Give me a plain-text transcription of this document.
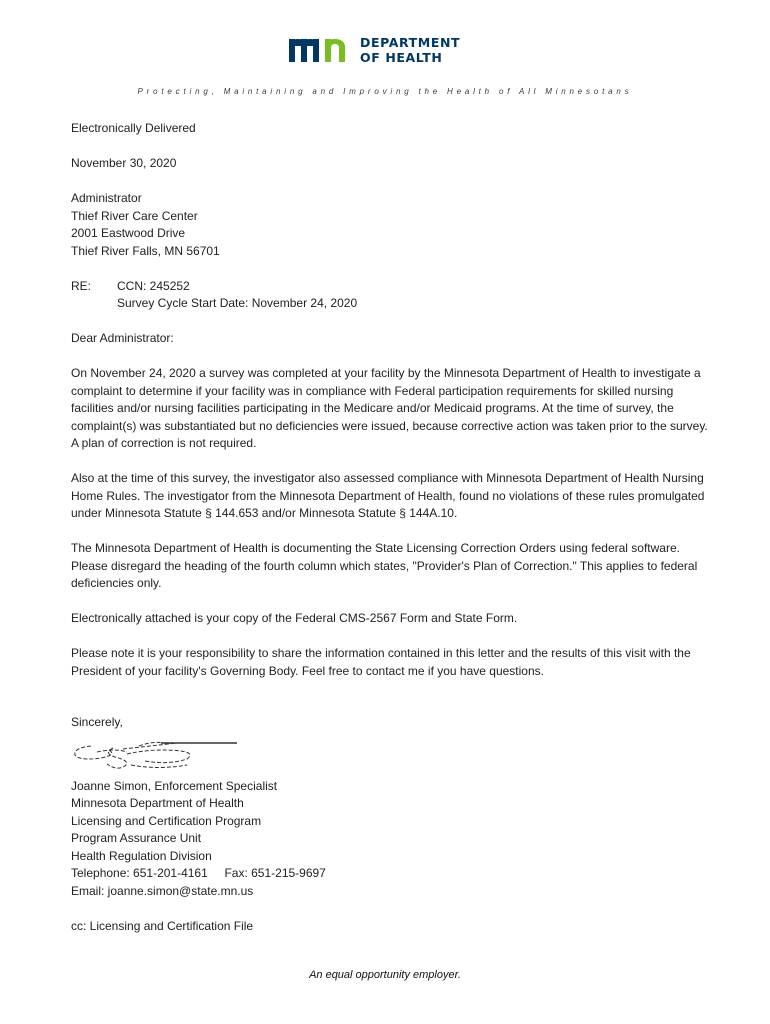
DEPARTMENT
OF HEALTH
Protecting, Maintaining and Improving the Health of All Minnesotans

Electronically Delivered

November 30, 2020

Administrator

Thief River Care Center

2001 Eastwood Drive

Thief River Falls, MN 56701

RE:	CCN: 245252

Survey Cycle Start Date: November 24, 2020

Dear Administrator:

On November 24, 2020 a survey was completed at your facility by the Minnesota Department of Health to investigate a complaint to determine if your facility was in compliance with Federal participation requirements for skilled nursing facilities and/or nursing facilities participating in the Medicare and/or Medicaid programs. At the time of survey, the complaint(s) was substantiated but no deficiencies were issued, because corrective action was taken prior to the survey. A plan of correction is not required.

Also at the time of this survey, the investigator also assessed compliance with Minnesota Department of Health Nursing Home Rules. The investigator from the Minnesota Department of Health, found no violations of these rules promulgated under Minnesota Statute § 144.653 and/or Minnesota Statute § 144A.10.

The Minnesota Department of Health is documenting the State Licensing Correction Orders using federal software. Please disregard the heading of the fourth column which states, "Provider's Plan of Correction." This applies to federal deficiencies only.

Electronically attached is your copy of the Federal CMS-2567 Form and State Form.

Please note it is your responsibility to share the information contained in this letter and the results of this visit with the President of your facility's Governing Body. Feel free to contact me if you have questions.

Sincerely,

Joanne Simon, Enforcement Specialist

Minnesota Department of Health

Licensing and Certification Program

Program Assurance Unit

Health Regulation Division

Telephone: 651-201-4161     Fax: 651-215-9697

Email: joanne.simon@state.mn.us

cc: Licensing and Certification File

An equal opportunity employer.
